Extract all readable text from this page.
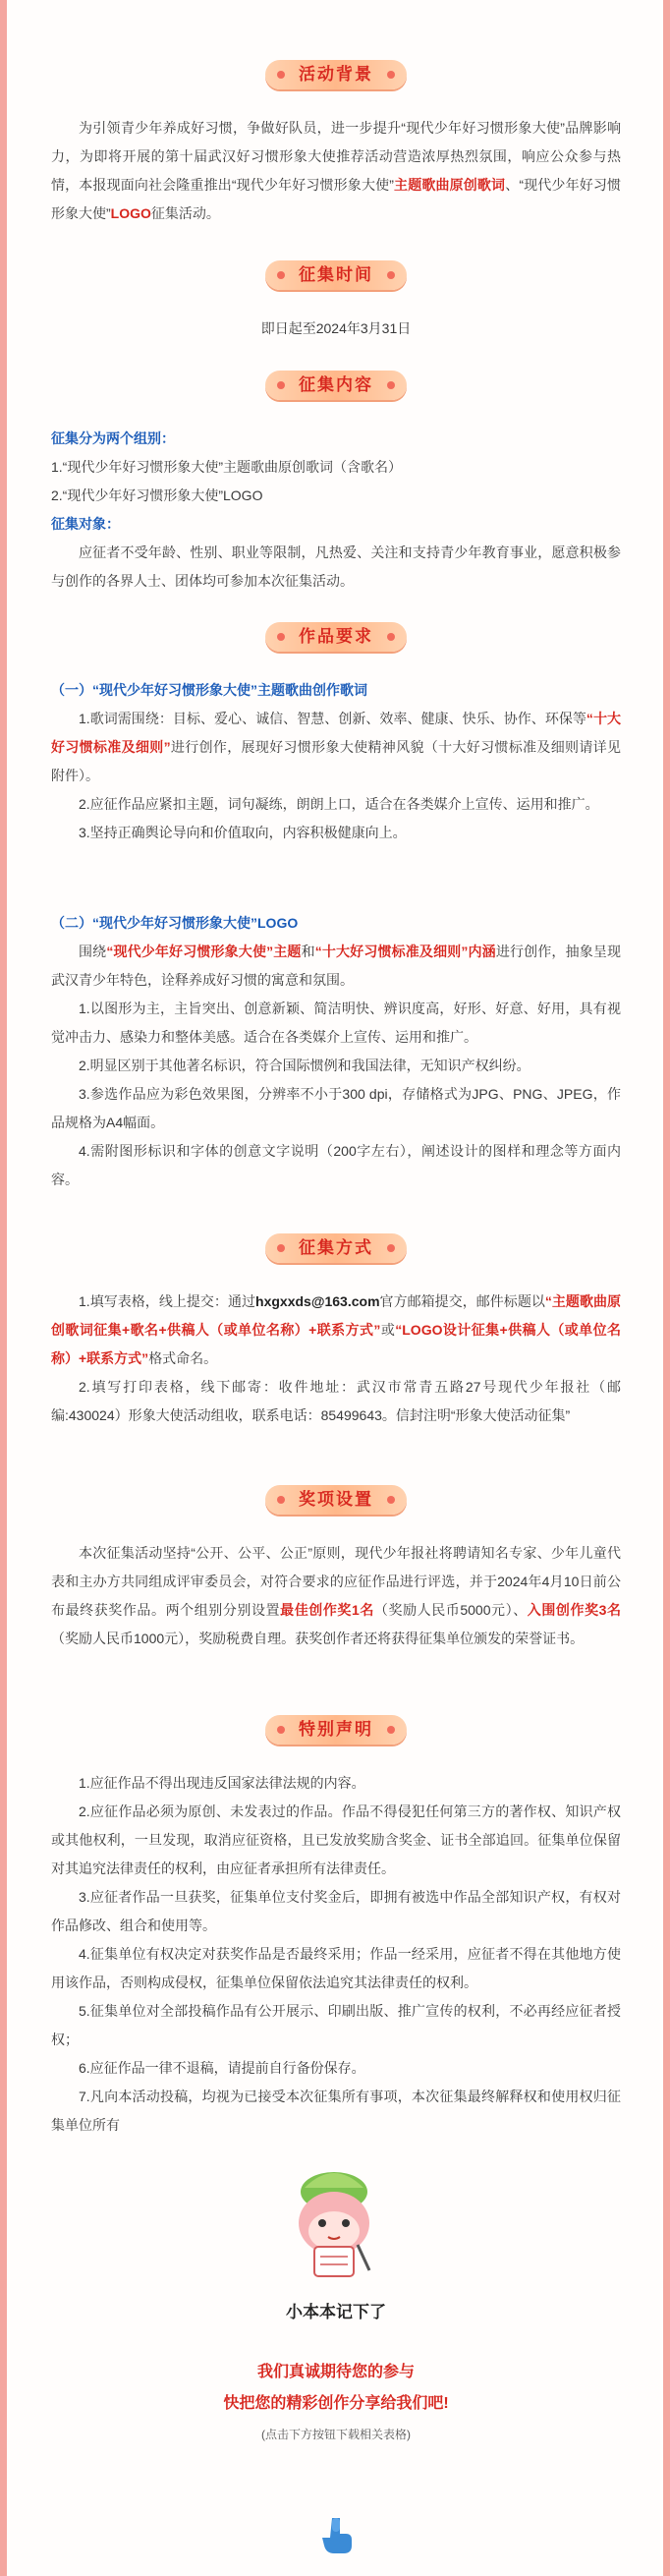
活动背景
为引领青少年养成好习惯，争做好队员，进一步提升“现代少年好习惯形象大使”品牌影响力，为即将开展的第十届武汉好习惯形象大使推荐活动营造浓厚热烈氛围，响应公众参与热情，本报现面向社会隆重推出“现代少年好习惯形象大使”主题歌曲原创歌词、“现代少年好习惯形象大使”LOGO征集活动。
征集时间
即日起至2024年3月31日
征集内容
征集分为两个组别：
1.“现代少年好习惯形象大使”主题歌曲原创歌词（含歌名）
2.“现代少年好习惯形象大使”LOGO
征集对象：
应征者不受年龄、性别、职业等限制，凡热爱、关注和支持青少年教育事业，愿意积极参与创作的各界人士、团体均可参加本次征集活动。
作品要求
（一）“现代少年好习惯形象大使”主题歌曲创作歌词
1.歌词需围绕：目标、爱心、诚信、智慧、创新、效率、健康、快乐、协作、环保等“十大好习惯标准及细则”进行创作，展现好习惯形象大使精神风貌（十大好习惯标准及细则请详见附件）。
2.应征作品应紧扣主题，词句凝练，朗朗上口，适合在各类媒介上宣传、运用和推广。
3.坚持正确舆论导向和价值取向，内容积极健康向上。
（二）“现代少年好习惯形象大使”LOGO
围绕“现代少年好习惯形象大使”主题和“十大好习惯标准及细则”内涵进行创作，抽象呈现武汉青少年特色，诠释养成好习惯的寓意和氛围。
1.以图形为主，主旨突出、创意新颖、简洁明快、辨识度高，好形、好意、好用，具有视觉冲击力、感染力和整体美感。适合在各类媒介上宣传、运用和推广。
2.明显区别于其他著名标识，符合国际惯例和我国法律，无知识产权纠纷。
3.参选作品应为彩色效果图，分辨率不小于300 dpi，存储格式为JPG、PNG、JPEG，作品规格为A4幅面。
4.需附图形标识和字体的创意文字说明（200字左右），阐述设计的图样和理念等方面内容。
征集方式
1.填写表格，线上提交：通过hxgxxds@163.com官方邮箱提交，邮件标题以“主题歌曲原创歌词征集+歌名+供稿人（或单位名称）+联系方式”或“LOGO设计征集+供稿人（或单位名称）+联系方式”格式命名。
2.填写打印表格，线下邮寄：收件地址：武汉市常青五路27号现代少年报社（邮编:430024）形象大使活动组收，联系电话：85499643。信封注明“形象大使活动征集”
奖项设置
本次征集活动坚持“公开、公平、公正”原则，现代少年报社将聘请知名专家、少年儿童代表和主办方共同组成评审委员会，对符合要求的应征作品进行评选，并于2024年4月10日前公布最终获奖作品。两个组别分别设置最佳创作奖1名（奖励人民币5000元）、入围创作奖3名（奖励人民币1000元），奖励税费自理。获奖创作者还将获得征集单位颁发的荣誉证书。
特别声明
1.应征作品不得出现违反国家法律法规的内容。
2.应征作品必须为原创、未发表过的作品。作品不得侵犯任何第三方的著作权、知识产权或其他权利，一旦发现，取消应征资格，且已发放奖励含奖金、证书全部追回。征集单位保留对其追究法律责任的权利，由应征者承担所有法律责任。
3.应征者作品一旦获奖，征集单位支付奖金后，即拥有被选中作品全部知识产权，有权对作品修改、组合和使用等。
4.征集单位有权决定对获奖作品是否最终采用；作品一经采用，应征者不得在其他地方使用该作品，否则构成侵权，征集单位保留依法追究其法律责任的权利。
5.征集单位对全部投稿作品有公开展示、印刷出版、推广宣传的权利，不必再经应征者授权；
6.应征作品一律不退稿，请提前自行备份保存。
7.凡向本活动投稿，均视为已接受本次征集所有事项，本次征集最终解释权和使用权归征集单位所有
小本本记下了
我们真诚期待您的参与
快把您的精彩创作分享给我们吧!
(点击下方按钮下载相关表格)
